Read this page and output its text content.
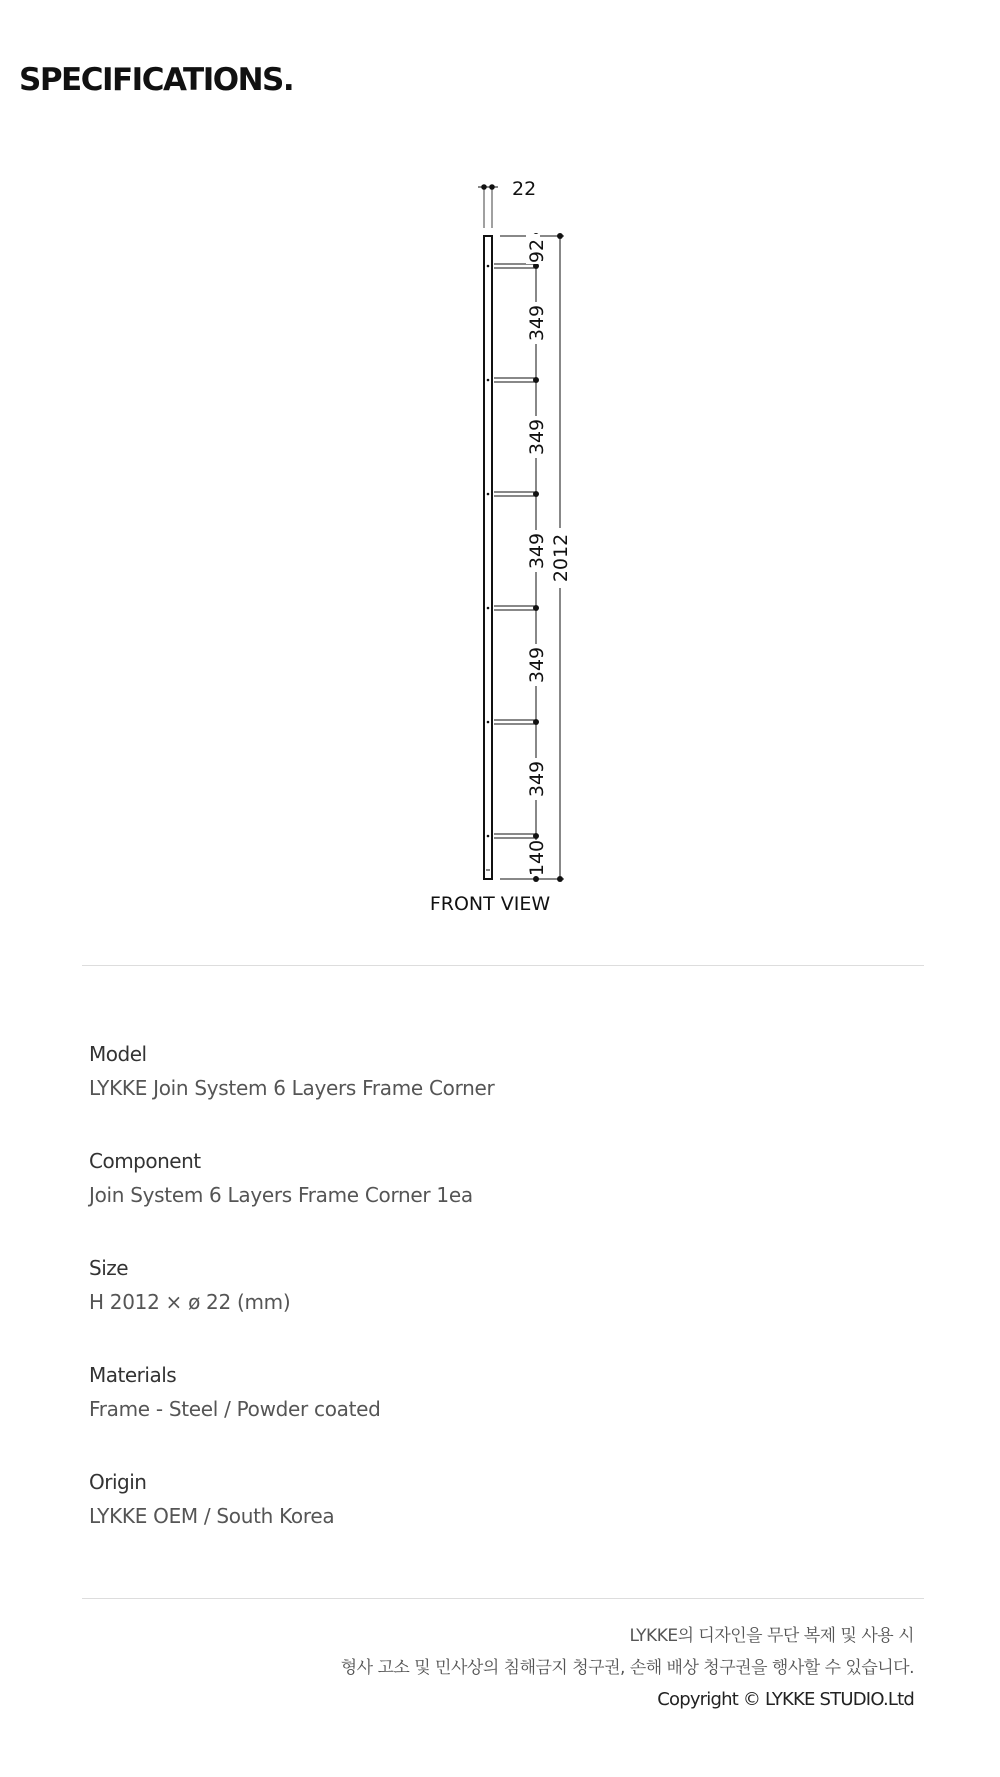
SPECIFICATIONS.
22
92
349
349
349
349
349
140
2012
FRONT VIEW
Model
LYKKE Join System 6 Layers Frame Corner
Component
Join System 6 Layers Frame Corner 1ea
Size
H 2012 × ø 22 (mm)
Materials
Frame - Steel / Powder coated
Origin
LYKKE OEM / South Korea
LYKKE의 디자인을 무단 복제 및 사용 시
형사 고소 및 민사상의 침해금지 청구권, 손해 배상 청구권을 행사할 수 있습니다.
Copyright © LYKKE STUDIO.Ltd
